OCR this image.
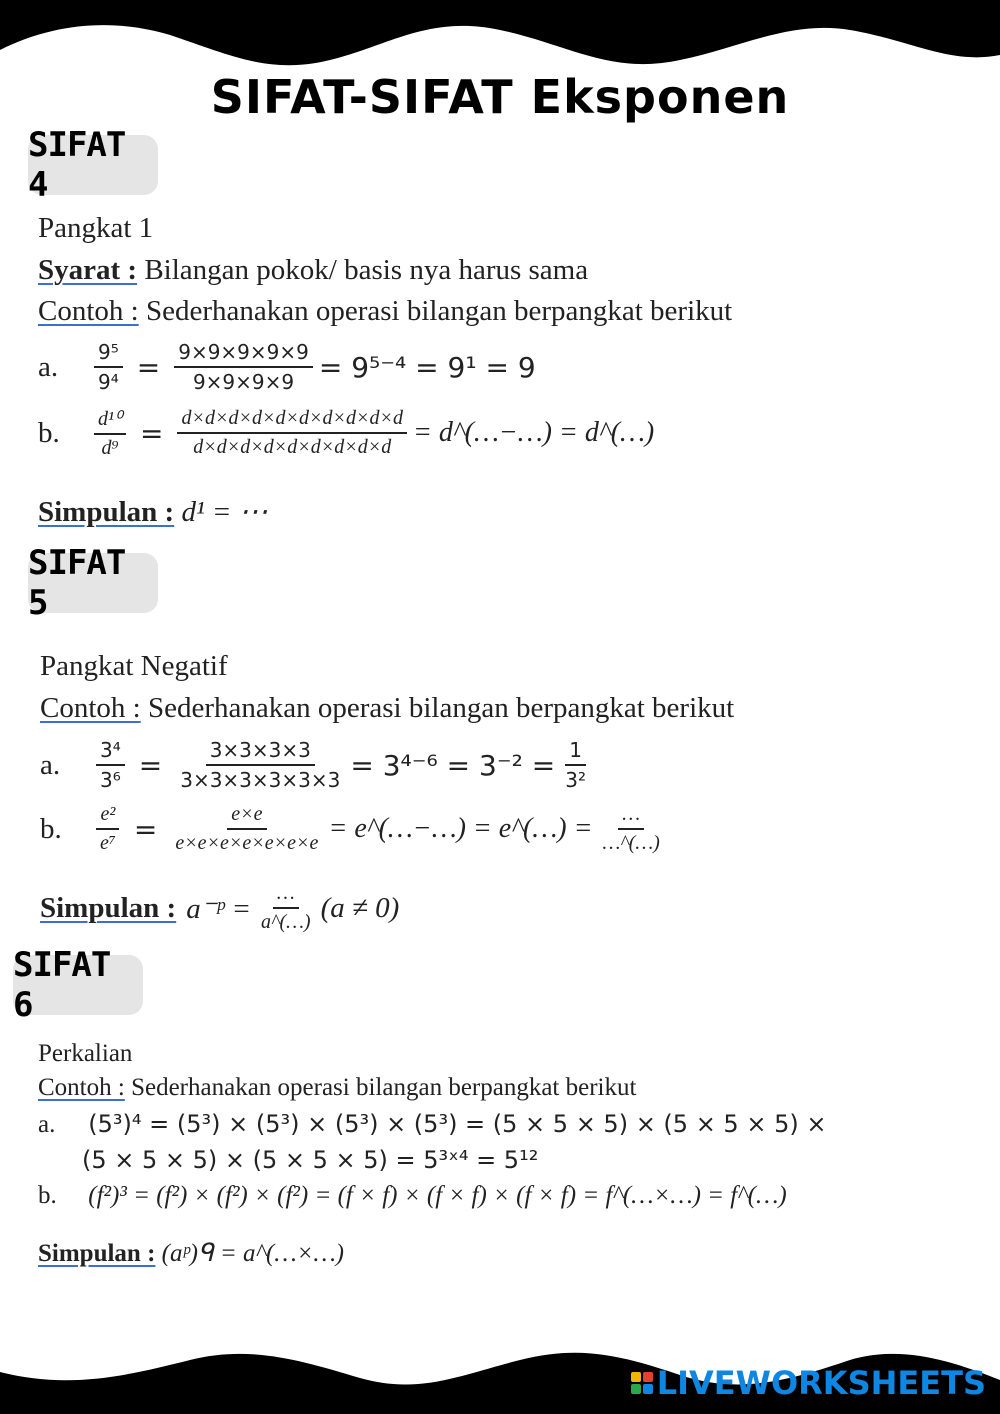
SIFAT-SIFAT Eksponen
SIFAT 4
Pangkat 1
Syarat : Bilangan pokok/ basis nya harus sama
Contoh : Sederhanakan operasi bilangan berpangkat berikut
a.	$\frac{\text{9⁵}}{\text{9⁴}} = \frac{9\times 9\times 9\times 9\times 9}{9\times 9\times 9\times 9} = 9^{5-4} = 9^1 = 9$
b.	$\frac{\text{d¹⁰}}{\text{d⁹}} = \frac{d\times d\times d\times d\times d\times d\times d\times d\times d\times d}{d\times d\times d\times d\times d\times d\times d\times d\times d}$ = d^(…−…) = d^(…)
Simpulan : d¹ = ⋯
SIFAT 5
Pangkat Negatif
Contoh : Sederhanakan operasi bilangan berpangkat berikut
a.	$\frac{\text{3⁴}}{\text{3⁶}} = \frac{3\times 3\times 3\times 3}{3\times 3\times 3\times 3\times 3\times 3} = 3^{4-6} = 3^{-2} = \frac{1}{\text{3²}}$
b.	$\frac{\text{e²}}{\text{e⁷}} = \frac{e\times e}{e\times e\times e\times e\times e\times e\times e}$ = e^(…−…) = e^(…) = $\frac{\dots}{\dots\^{}(\dots)}$
Simpulan : a⁻ᵖ = $\frac{\dots}{a\^{}(\dots)} (a \ne 0)$
SIFAT 6
Perkalian
Contoh : Sederhanakan operasi bilangan berpangkat berikut
a. (5³)⁴ = (5³) × (5³) × (5³) × (5³) = (5 × 5 × 5) × (5 × 5 × 5) ×
(5 × 5 × 5) × (5 × 5 × 5) = 5³ˣ⁴ = 5¹²
b. (f²)³ = (f²) × (f²) × (f²) = (f × f) × (f × f) × (f × f) = f^(…×…) = f^(…)
Simpulan : (aᵖ)ᑫ = a^(…×…)
LIVEWORKSHEETS
